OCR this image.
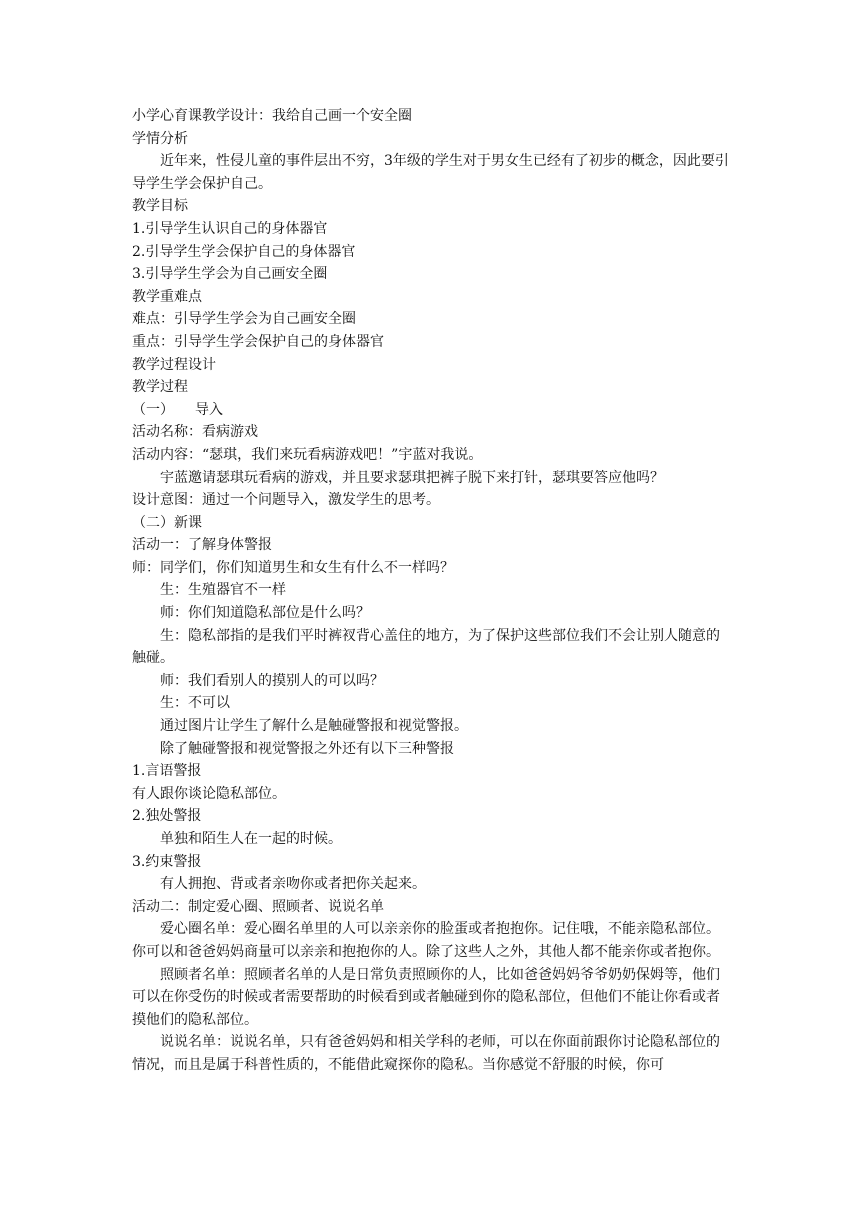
小学心育课教学设计：我给自己画一个安全圈

学情分析

近年来，性侵儿童的事件层出不穷，3年级的学生对于男女生已经有了初步的概念，因此要引导学生学会保护自己。

教学目标

1.引导学生认识自己的身体器官

2.引导学生学会保护自己的身体器官

3.引导学生学会为自己画安全圈

教学重难点

难点：引导学生学会为自己画安全圈

重点：引导学生学会保护自己的身体器官

教学过程设计

教学过程

（一）　　导入

活动名称：看病游戏

活动内容：“瑟琪，我们来玩看病游戏吧！”宇蓝对我说。

宇蓝邀请瑟琪玩看病的游戏，并且要求瑟琪把裤子脱下来打针，瑟琪要答应他吗？

设计意图：通过一个问题导入，激发学生的思考。

（二）新课

活动一：了解身体警报

师：同学们，你们知道男生和女生有什么不一样吗？

生：生殖器官不一样

师：你们知道隐私部位是什么吗？

生：隐私部指的是我们平时裤衩背心盖住的地方，为了保护这些部位我们不会让别人随意的触碰。

师：我们看别人的摸别人的可以吗？

生：不可以

通过图片让学生了解什么是触碰警报和视觉警报。

除了触碰警报和视觉警报之外还有以下三种警报

1.言语警报

有人跟你谈论隐私部位。

2.独处警报

单独和陌生人在一起的时候。

3.约束警报

有人拥抱、背或者亲吻你或者把你关起来。

活动二：制定爱心圈、照顾者、说说名单

爱心圈名单：爱心圈名单里的人可以亲亲你的脸蛋或者抱抱你。记住哦，不能亲隐私部位。你可以和爸爸妈妈商量可以亲亲和抱抱你的人。除了这些人之外，其他人都不能亲你或者抱你。

照顾者名单：照顾者名单的人是日常负责照顾你的人，比如爸爸妈妈爷爷奶奶保姆等，他们可以在你受伤的时候或者需要帮助的时候看到或者触碰到你的隐私部位，但他们不能让你看或者摸他们的隐私部位。

说说名单：说说名单，只有爸爸妈妈和相关学科的老师，可以在你面前跟你讨论隐私部位的情况，而且是属于科普性质的，不能借此窥探你的隐私。当你感觉不舒服的时候，你可
